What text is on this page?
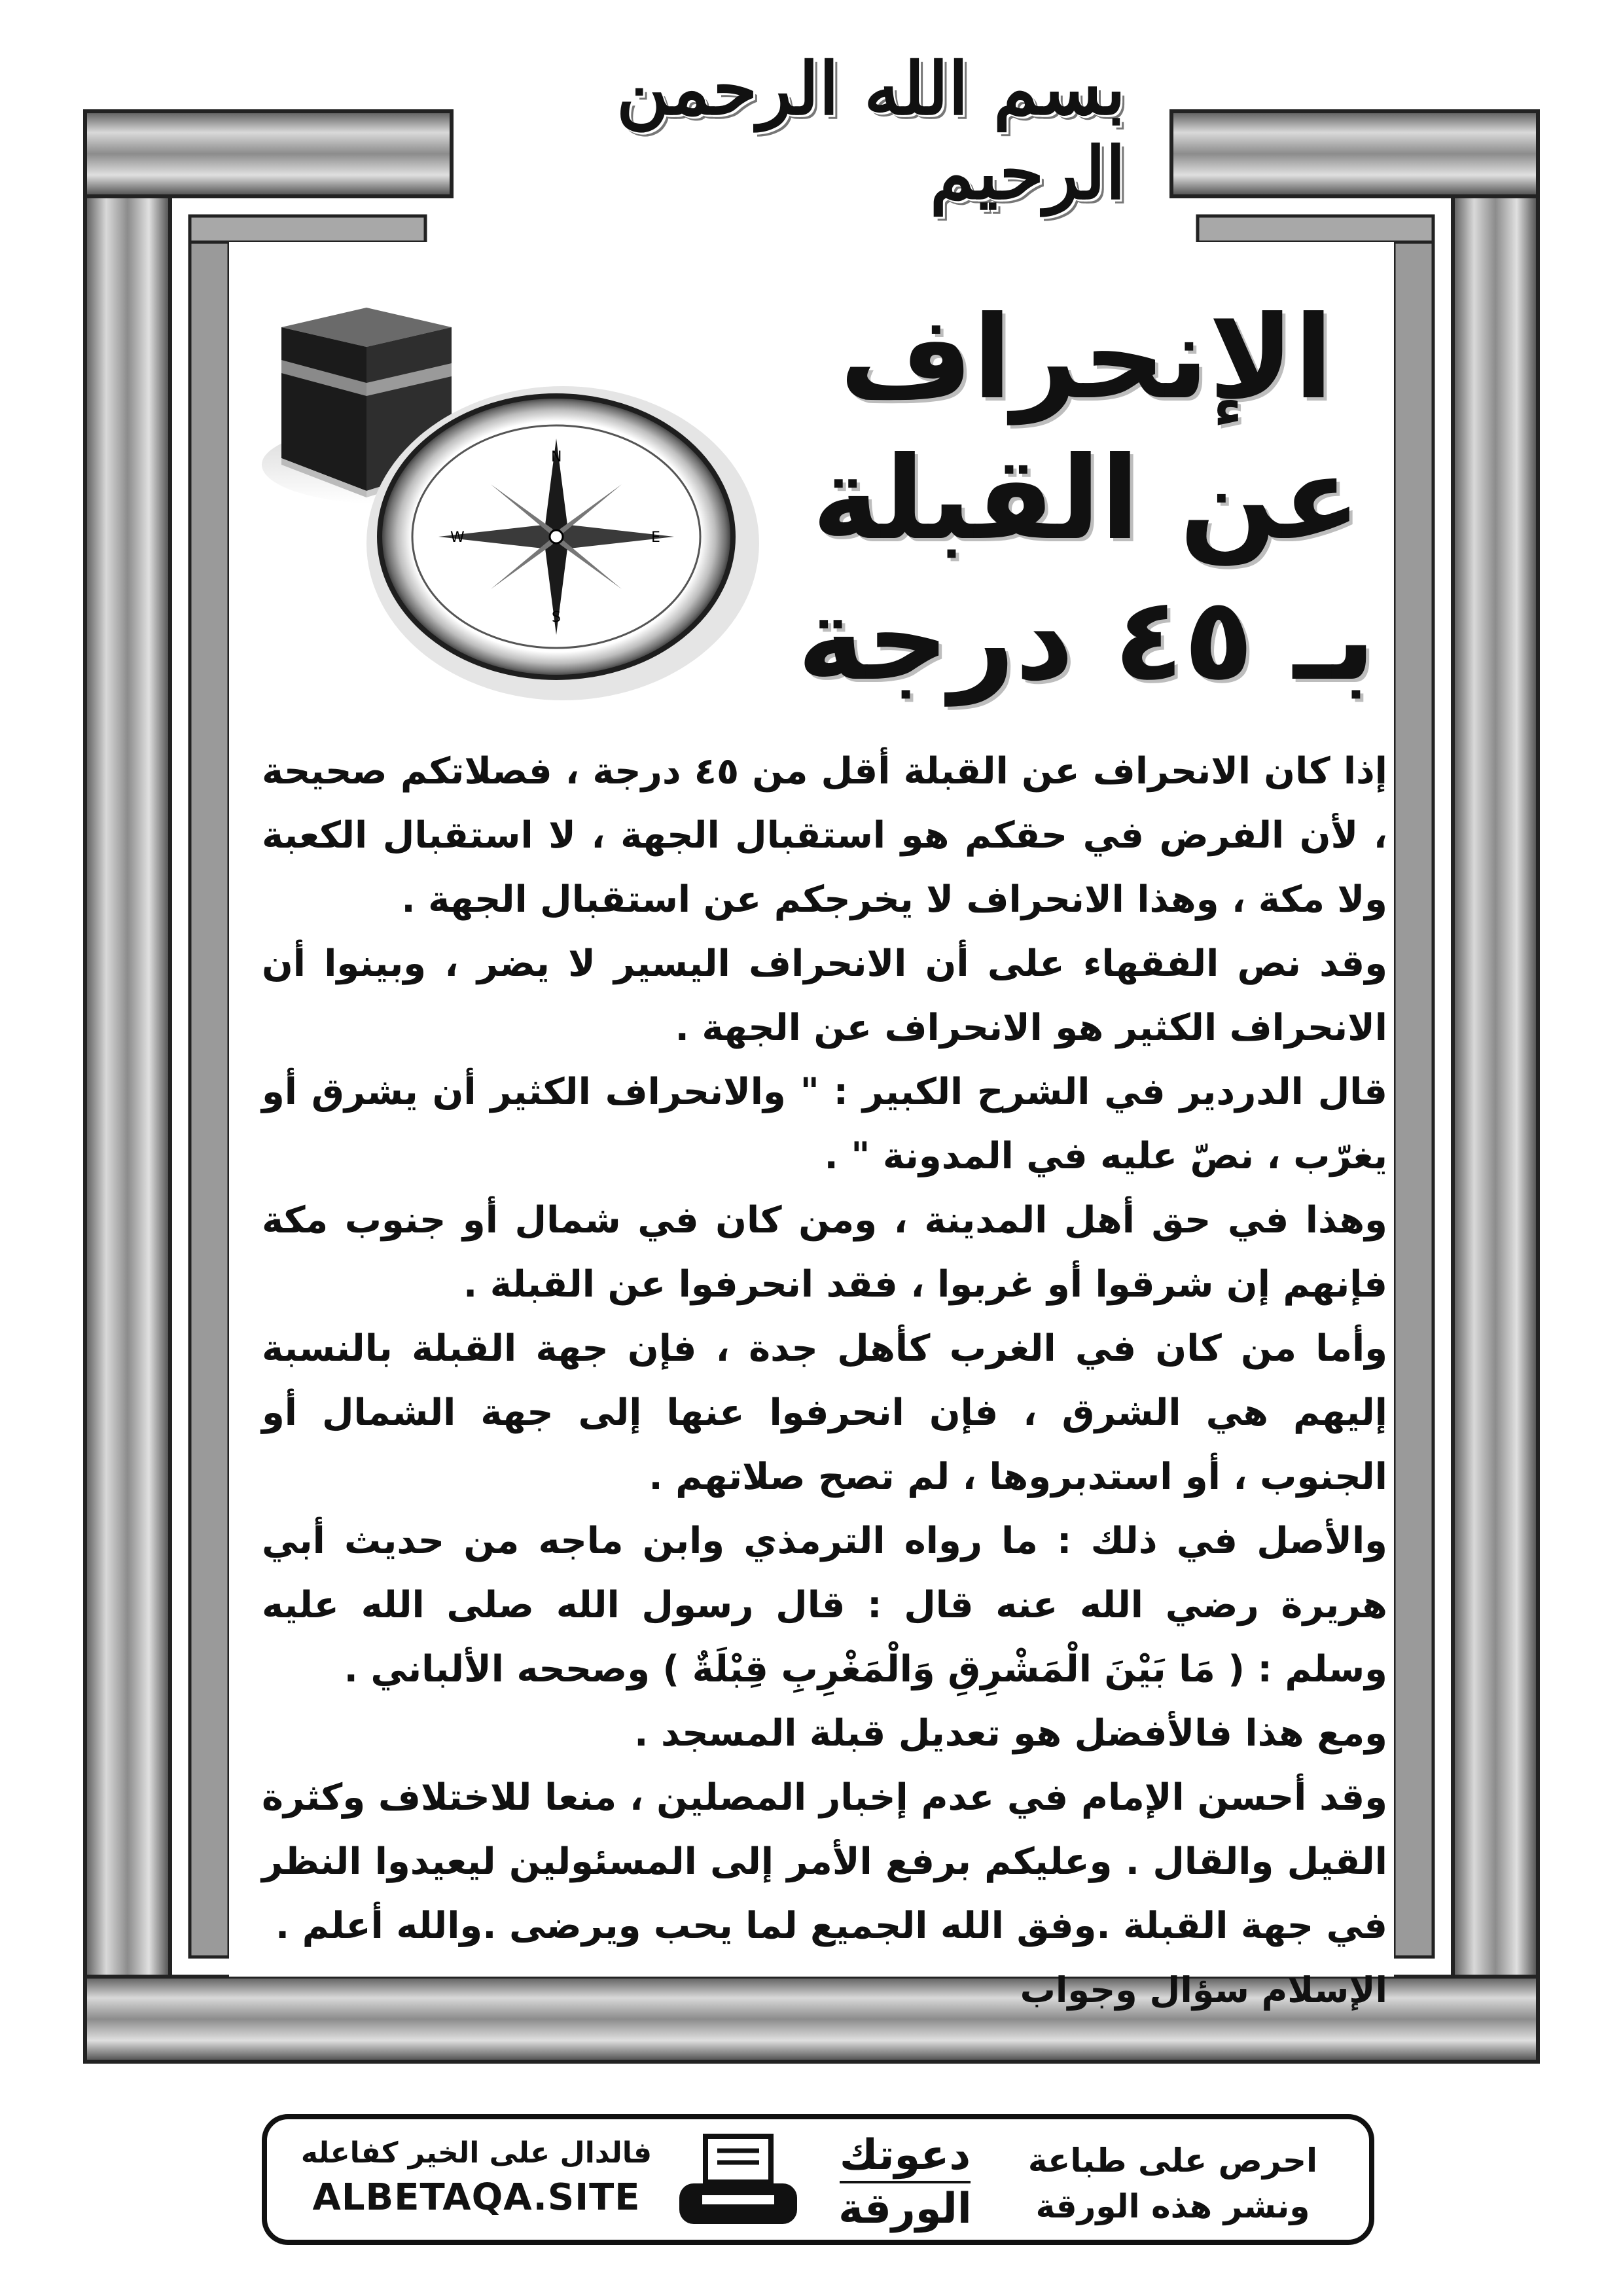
بسم الله الرحمن الرحيم
الإنحراف
عن القبلة
بـ ٤٥ درجة
N
E
S
W

إذا كان الانحراف عن القبلة أقل من ٤٥ درجة ، فصلاتكم صحيحة ، لأن الفرض في حقكم هو استقبال الجهة ، لا استقبال الكعبة ولا مكة ، وهذا الانحراف لا يخرجكم عن استقبال الجهة .

وقد نص الفقهاء على أن الانحراف اليسير لا يضر ، وبينوا أن الانحراف الكثير هو الانحراف عن الجهة .

قال الدردير في الشرح الكبير : " والانحراف الكثير أن يشرق أو يغرّب ، نصّ عليه في المدونة " .

وهذا في حق أهل المدينة ، ومن كان في شمال أو جنوب مكة فإنهم إن شرقوا أو غربوا ، فقد انحرفوا عن القبلة .

وأما من كان في الغرب كأهل جدة ، فإن جهة القبلة بالنسبة إليهم هي الشرق ، فإن انحرفوا عنها إلى جهة الشمال أو الجنوب ، أو استدبروها ، لم تصح صلاتهم .

والأصل في ذلك : ما رواه الترمذي وابن ماجه من حديث أبي هريرة رضي الله عنه قال : قال رسول الله صلى الله عليه وسلم : ( مَا بَيْنَ الْمَشْرِقِ وَالْمَغْرِبِ قِبْلَةٌ ) وصححه الألباني .

ومع هذا فالأفضل هو تعديل قبلة المسجد .

وقد أحسن الإمام في عدم إخبار المصلين ، منعا للاختلاف وكثرة القيل والقال . وعليكم برفع الأمر إلى المسئولين ليعيدوا النظر في جهة القبلة .وفق الله الجميع لما يحب ويرضى .والله أعلم .

الإسلام سؤال وجواب

فالدال على الخير كفاعله
ALBETAQA.SITE
دعوتك
الورقة
احرص على طباعة
ونشر هذه الورقة
